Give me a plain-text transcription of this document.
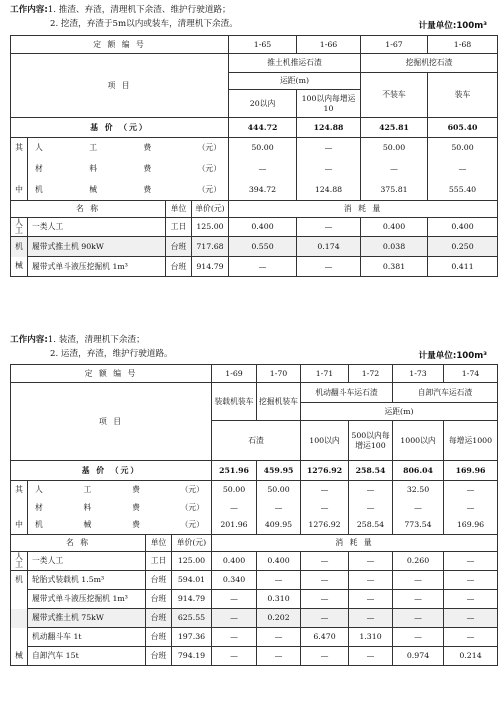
工作内容:1. 推渣、弃渣，清理机下余渣、维护行驶道路；
2. 挖渣，弃渣于5m以内或装车，清理机下余渣。	计量单位:100m³
定 额 编 号				1-65	1-66	1-67	1-68
项 目				推土机推运石渣		挖掘机挖石渣	
				运距(m)		不装车	装车
				20以内	100以内每增运10		
基 价 （元）				444.72	124.88	425.81	605.40
其	人 工 费 （元）			50.00	—	50.00	50.00

	材 料 费 （元）			—	—	—	—
中	机 械 费 （元）			394.72	124.88	375.81	555.40
名 称		单位	单价(元)	消 耗 量			
人工	一类人工	工日	125.00	0.400	—	0.400	0.400
机	履带式推土机 90kW	台班	717.68	0.550	0.174	0.038	0.250
械	履带式单斗液压挖掘机 1m³	台班	914.79	—	—	0.381	0.411
工作内容:1. 装渣，清理机下余渣；
2. 运渣，弃渣，维护行驶道路。	计量单位:100m³
定 额 编 号				1-69	1-70	1-71	1-72	1-73	1-74
项 目				装载机装车	挖掘机装车	机动翻斗车运石渣		自卸汽车运石渣	
						运距(m)			
				石渣		100以内	500以内每增运100	1000以内	每增运1000

基 价 （元）				251.96	459.95	1276.92	258.54	806.04	169.96
其	人 工 费 （元）			50.00	50.00	—	—	32.50	—

	材 料 费 （元）			—	—	—	—	—	—
中	机 械 费 （元）			201.96	409.95	1276.92	258.54	773.54	169.96
名 称		单位	单价(元)	消 耗 量					
人工	一类人工	工日	125.00	0.400	0.400	—	—	0.260	—
机	轮胎式装载机 1.5m³	台班	594.01	0.340	—	—	—	—	—
	履带式单斗液压挖掘机 1m³	台班	914.79	—	0.310	—	—	—	—
	履带式推土机 75kW	台班	625.55	—	0.202	—	—	—	—
	机动翻斗车 1t	台班	197.36	—	—	6.470	1.310	—	—
械	自卸汽车 15t	台班	794.19	—	—	—	—	0.974	0.214
